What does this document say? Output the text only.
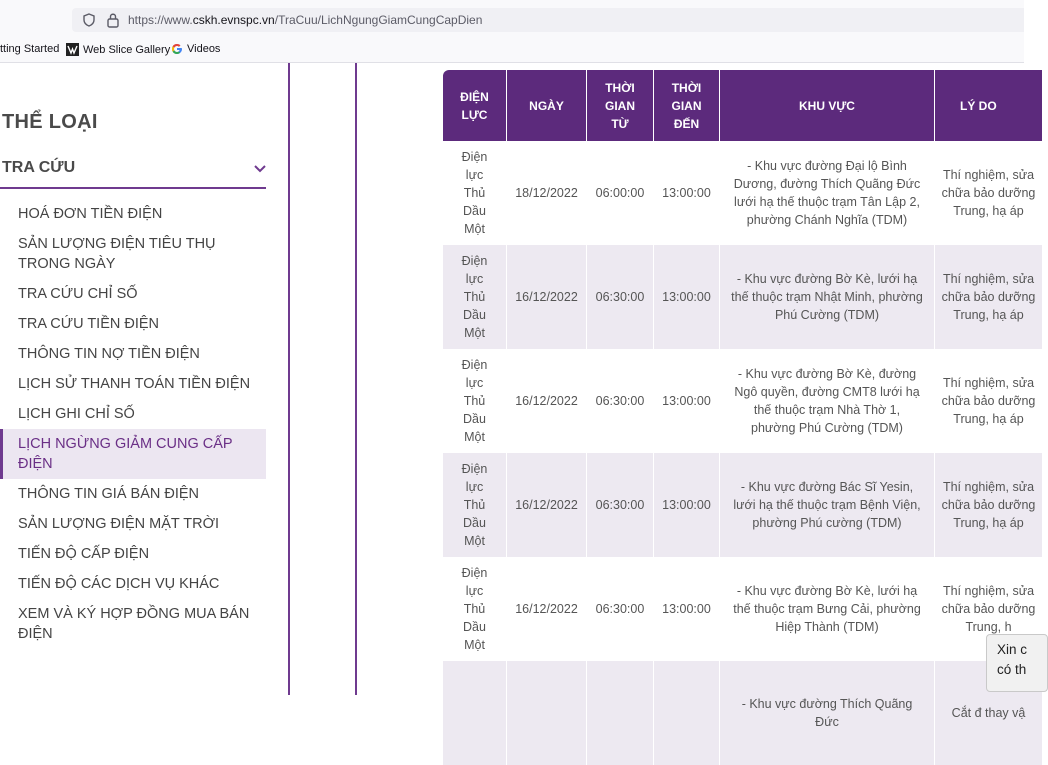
https://www.cskh.evnspc.vn/TraCuu/LichNgungGiamCungCapDien
tting Started Web Slice Gallery Videos
THỂ LOẠI
TRA CỨU
HOÁ ĐƠN TIỀN ĐIỆN
SẢN LƯỢNG ĐIỆN TIÊU THỤ TRONG NGÀY
TRA CỨU CHỈ SỐ
TRA CỨU TIỀN ĐIỆN
THÔNG TIN NỢ TIỀN ĐIỆN
LỊCH SỬ THANH TOÁN TIỀN ĐIỆN
LỊCH GHI CHỈ SỐ
LỊCH NGỪNG GIẢM CUNG CẤP ĐIỆN
THÔNG TIN GIÁ BÁN ĐIỆN
SẢN LƯỢNG ĐIỆN MẶT TRỜI
TIẾN ĐỘ CẤP ĐIỆN
TIẾN ĐỘ CÁC DỊCH VỤ KHÁC
XEM VÀ KÝ HỢP ĐỒNG MUA BÁN ĐIỆN
ĐIỆN LỰC	NGÀY	THỜI GIAN TỪ	THỜI GIAN ĐẾN	KHU VỰC	LÝ DO
Điện lực Thủ Dầu Một	18/12/2022	06:00:00	13:00:00	- Khu vực đường Đại lộ Bình Dương, đường Thích Quãng Đức lưới hạ thế thuộc trạm Tân Lập 2, phường Chánh Nghĩa (TDM)	Thí nghiệm, sửa chữa bảo dưỡng Trung, hạ áp
Điện lực Thủ Dầu Một	16/12/2022	06:30:00	13:00:00	- Khu vực đường Bờ Kè, lưới hạ thế thuộc trạm Nhật Minh, phường Phú Cường (TDM)	Thí nghiệm, sửa chữa bảo dưỡng Trung, hạ áp
Điện lực Thủ Dầu Một	16/12/2022	06:30:00	13:00:00	- Khu vực đường Bờ Kè, đường Ngô quyền, đường CMT8 lưới hạ thế thuộc trạm Nhà Thờ 1, phường Phú Cường (TDM)	Thí nghiệm, sửa chữa bảo dưỡng Trung, hạ áp
Điện lực Thủ Dầu Một	16/12/2022	06:30:00	13:00:00	- Khu vực đường Bác Sĩ Yesin, lưới hạ thế thuộc trạm Bệnh Viện, phường Phú cường (TDM)	Thí nghiệm, sửa chữa bảo dưỡng Trung, hạ áp
Điện lực Thủ Dầu Một	16/12/2022	06:30:00	13:00:00	- Khu vực đường Bờ Kè, lưới hạ thế thuộc trạm Bưng Cải, phường Hiệp Thành (TDM)	Thí nghiệm, sửa chữa bảo dưỡng Trung, h
				- Khu vực đường Thích Quãng Đức	Cắt đ thay vậ
Xin c
có th
